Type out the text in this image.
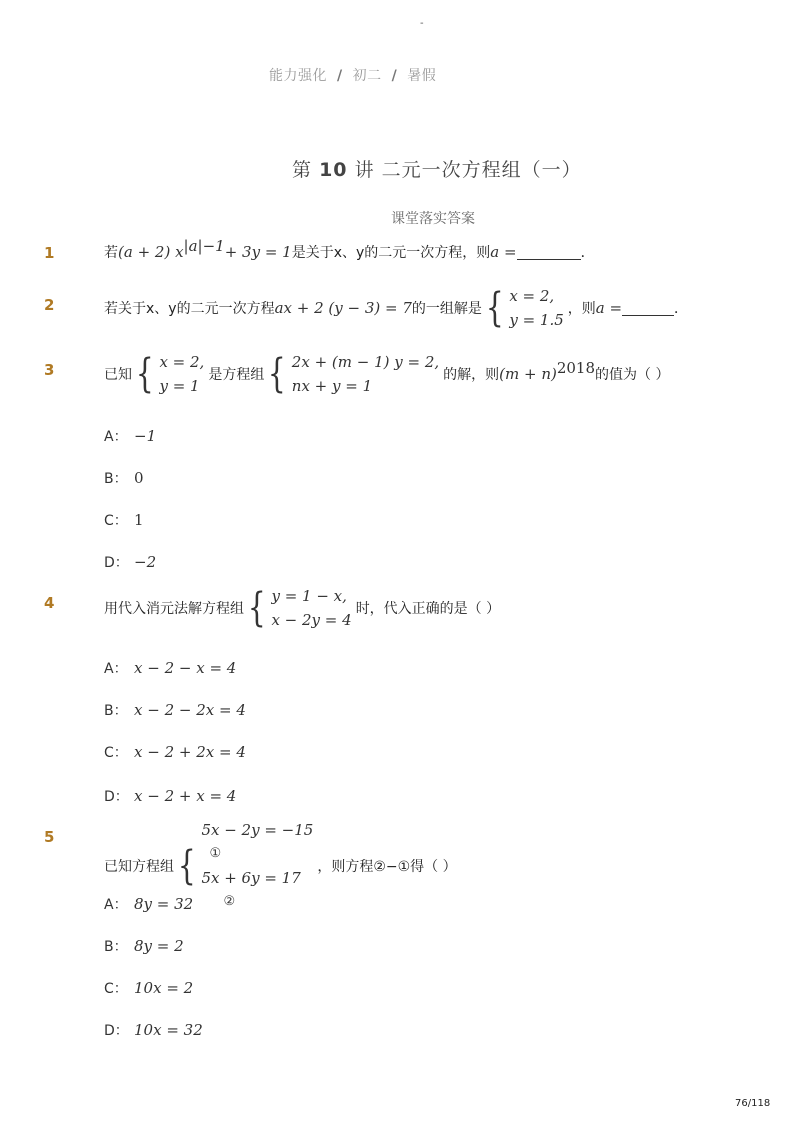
-
能力强化 / 初二 / 暑假
第 10 讲 二元一次方程组（一）
课堂落实答案
1	若 (a + 2) $x^{|a|-1} + 3y = 1$ 是关于x、y的二元一次方程，则 a =	．
2	若关于x、y的二元一次方程 ax + 2 (y − 3) = 7 的一组解是 { x = 2,
y = 1.5
，则 a =	．
3	已知 { x = 2,
y = 1
是方程组 { 2x + (m − 1) y = 2,
nx + y = 1
的解，则 $(m + n)^{2018}$ 的值为（ ）
A： −1
B： 0
C： 1
D： −2
4	用代入消元法解方程组 { y = 1 − x,
x − 2y = 4
时，代入正确的是（ ）
A： x − 2 − x = 4
B： x − 2 − 2x = 4
C： x − 2 + 2x = 4
D： x − 2 + x = 4
5
已知方程组 {
5x − 2y = −15
①
5x + 6y = 17
②
，则方程②−①得（ ）
A： 8y = 32
B： 8y = 2
C： 10x = 2
D： 10x = 32
76/118
